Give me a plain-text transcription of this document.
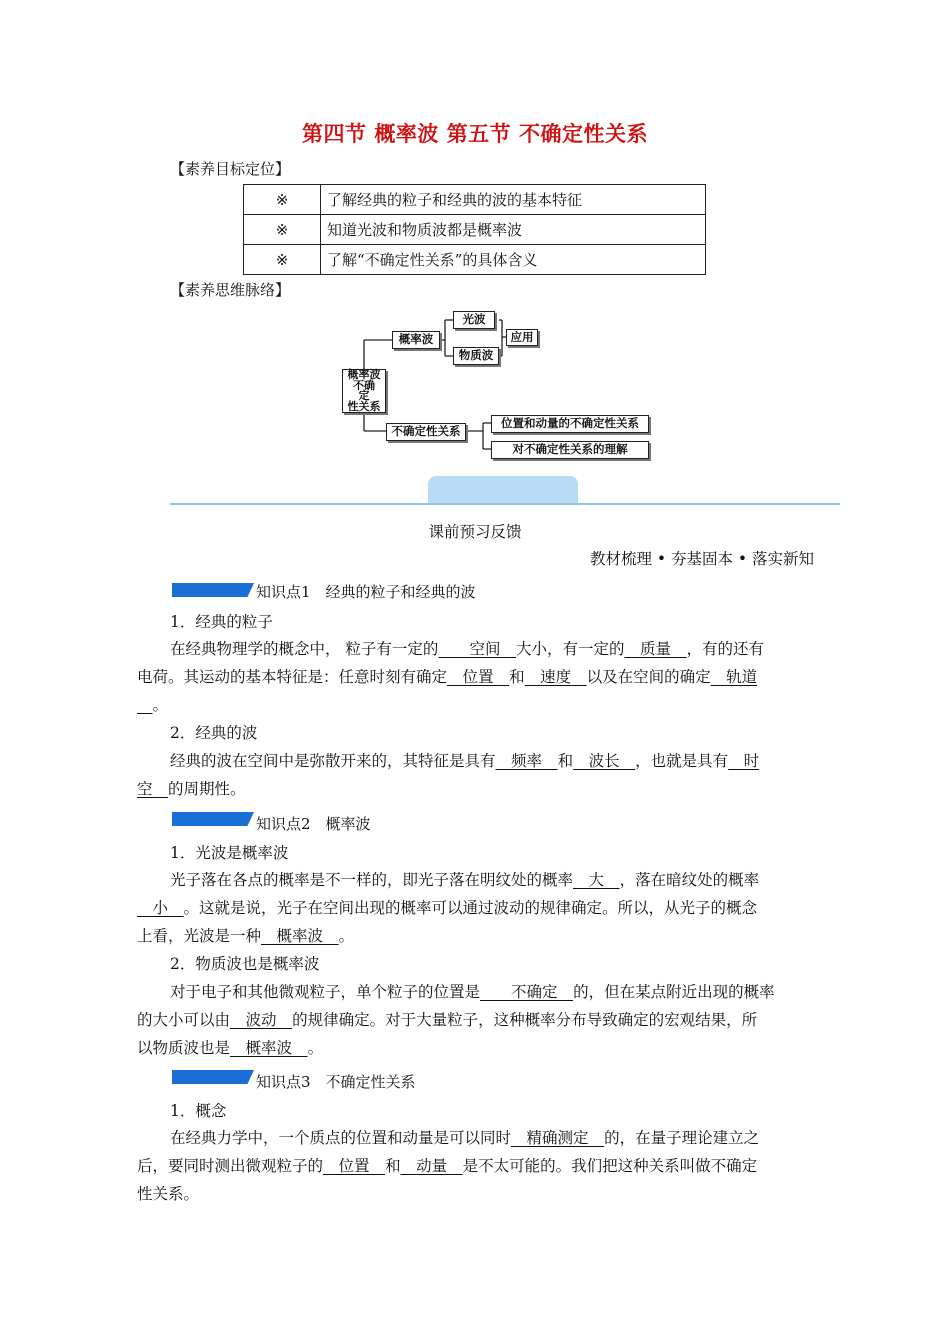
第四节 概率波 第五节 不确定性关系
【素养目标定位】
※	了解经典的粒子和经典的波的基本特征
※	知道光波和物质波都是概率波
※	了解“不确定性关系”的具体含义
【素养思维脉络】
概率波
不确
定
性关系
概率波
光波
物质波
应用
不确定性关系
位置和动量的不确定性关系
对不确定性关系的理解
课前预习反馈
教材梳理 • 夯基固本 • 落实新知
知识点1　经典的粒子和经典的波
1．经典的粒子
在经典物理学的概念中， 粒子有一定的　　 空间　 大小，有一定的　 质量　 ，有的还有
电荷。其运动的基本特征是：任意时刻有确定　 位置　 和　 速度　 以及在空间的确定　 轨道
　。
2．经典的波
经典的波在空间中是弥散开来的，其特征是具有　 频率　 和　 波长　 ，也就是具有　 时
空　 的周期性。
知识点2　概率波
1．光波是概率波
光子落在各点的概率是不一样的，即光子落在明纹处的概率　 大　 ，落在暗纹处的概率
　小　 。这就是说，光子在空间出现的概率可以通过波动的规律确定。所以，从光子的概念
上看，光波是一种　 概率波　 。
2．物质波也是概率波
对于电子和其他微观粒子，单个粒子的位置是　　 不确定　 的，但在某点附近出现的概率
的大小可以由　 波动　 的规律确定。对于大量粒子，这种概率分布导致确定的宏观结果，所
以物质波也是　 概率波　 。
知识点3　不确定性关系
1．概念
在经典力学中，一个质点的位置和动量是可以同时　 精确测定　 的，在量子理论建立之
后，要同时测出微观粒子的　 位置　 和　 动量　 是不太可能的。我们把这种关系叫做不确定
性关系。
